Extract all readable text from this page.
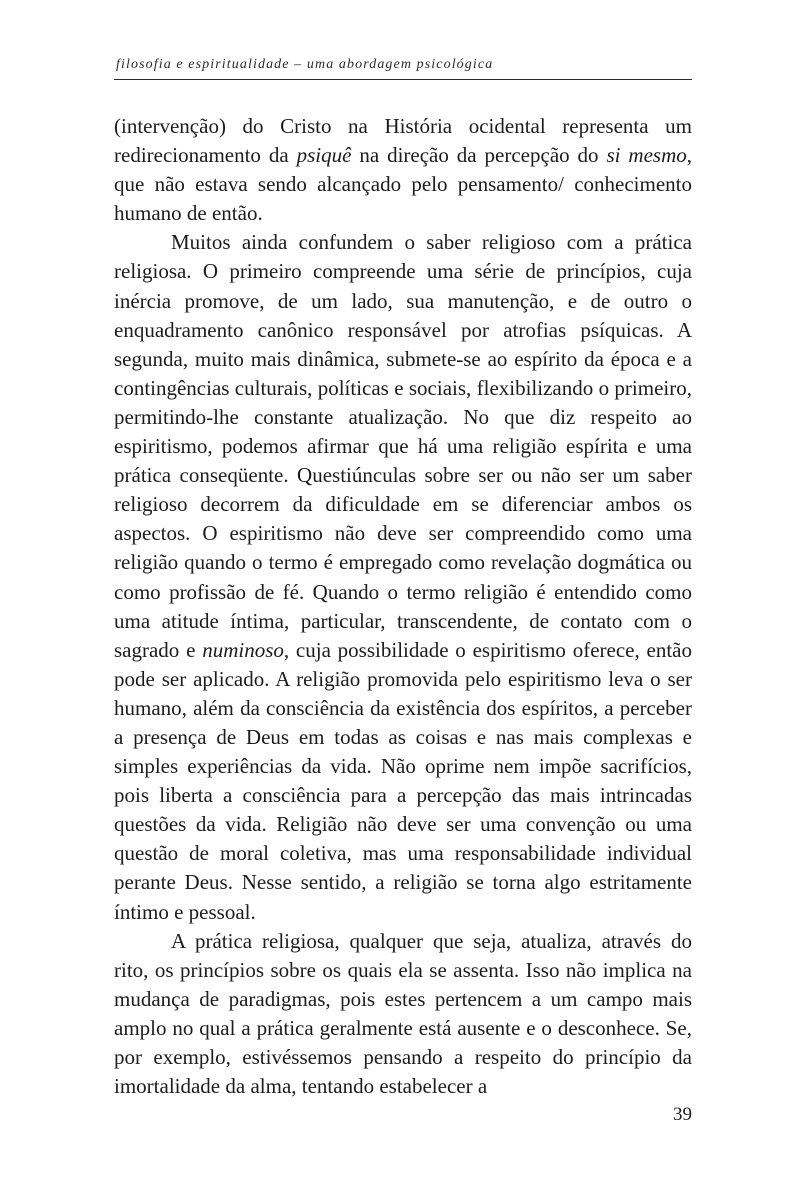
filosofia e espiritualidade – uma abordagem psicológica

(intervenção) do Cristo na História ocidental representa um redirecionamento da psiquê na direção da percepção do si mesmo, que não estava sendo alcançado pelo pensamento/ conhecimento humano de então.

Muitos ainda confundem o saber religioso com a prática religiosa. O primeiro compreende uma série de princípios, cuja inércia promove, de um lado, sua manutenção, e de outro o enquadramento canônico responsável por atrofias psíquicas. A segunda, muito mais dinâmica, submete-se ao espírito da época e a contingências culturais, políticas e sociais, flexibilizando o primeiro, permitindo-lhe constante atualização. No que diz respeito ao espiritismo, podemos afirmar que há uma religião espírita e uma prática conseqüente. Questiúnculas sobre ser ou não ser um saber religioso decorrem da dificuldade em se diferenciar ambos os aspectos. O espiritismo não deve ser compreendido como uma religião quando o termo é empregado como revelação dogmática ou como profissão de fé. Quando o termo religião é entendido como uma atitude íntima, particular, transcendente, de contato com o sagrado e numinoso, cuja possibilidade o espiritismo oferece, então pode ser aplicado. A religião promovida pelo espiritismo leva o ser humano, além da consciência da existência dos espíritos, a perceber a presença de Deus em todas as coisas e nas mais complexas e simples experiências da vida. Não oprime nem impõe sacrifícios, pois liberta a consciência para a percepção das mais intrincadas questões da vida. Religião não deve ser uma convenção ou uma questão de moral coletiva, mas uma responsabilidade individual perante Deus. Nesse sentido, a religião se torna algo estritamente íntimo e pessoal.

A prática religiosa, qualquer que seja, atualiza, através do rito, os princípios sobre os quais ela se assenta. Isso não implica na mudança de paradigmas, pois estes pertencem a um campo mais amplo no qual a prática geralmente está ausente e o desconhece. Se, por exemplo, estivéssemos pensando a respeito do princípio da imortalidade da alma, tentando estabelecer a

39
